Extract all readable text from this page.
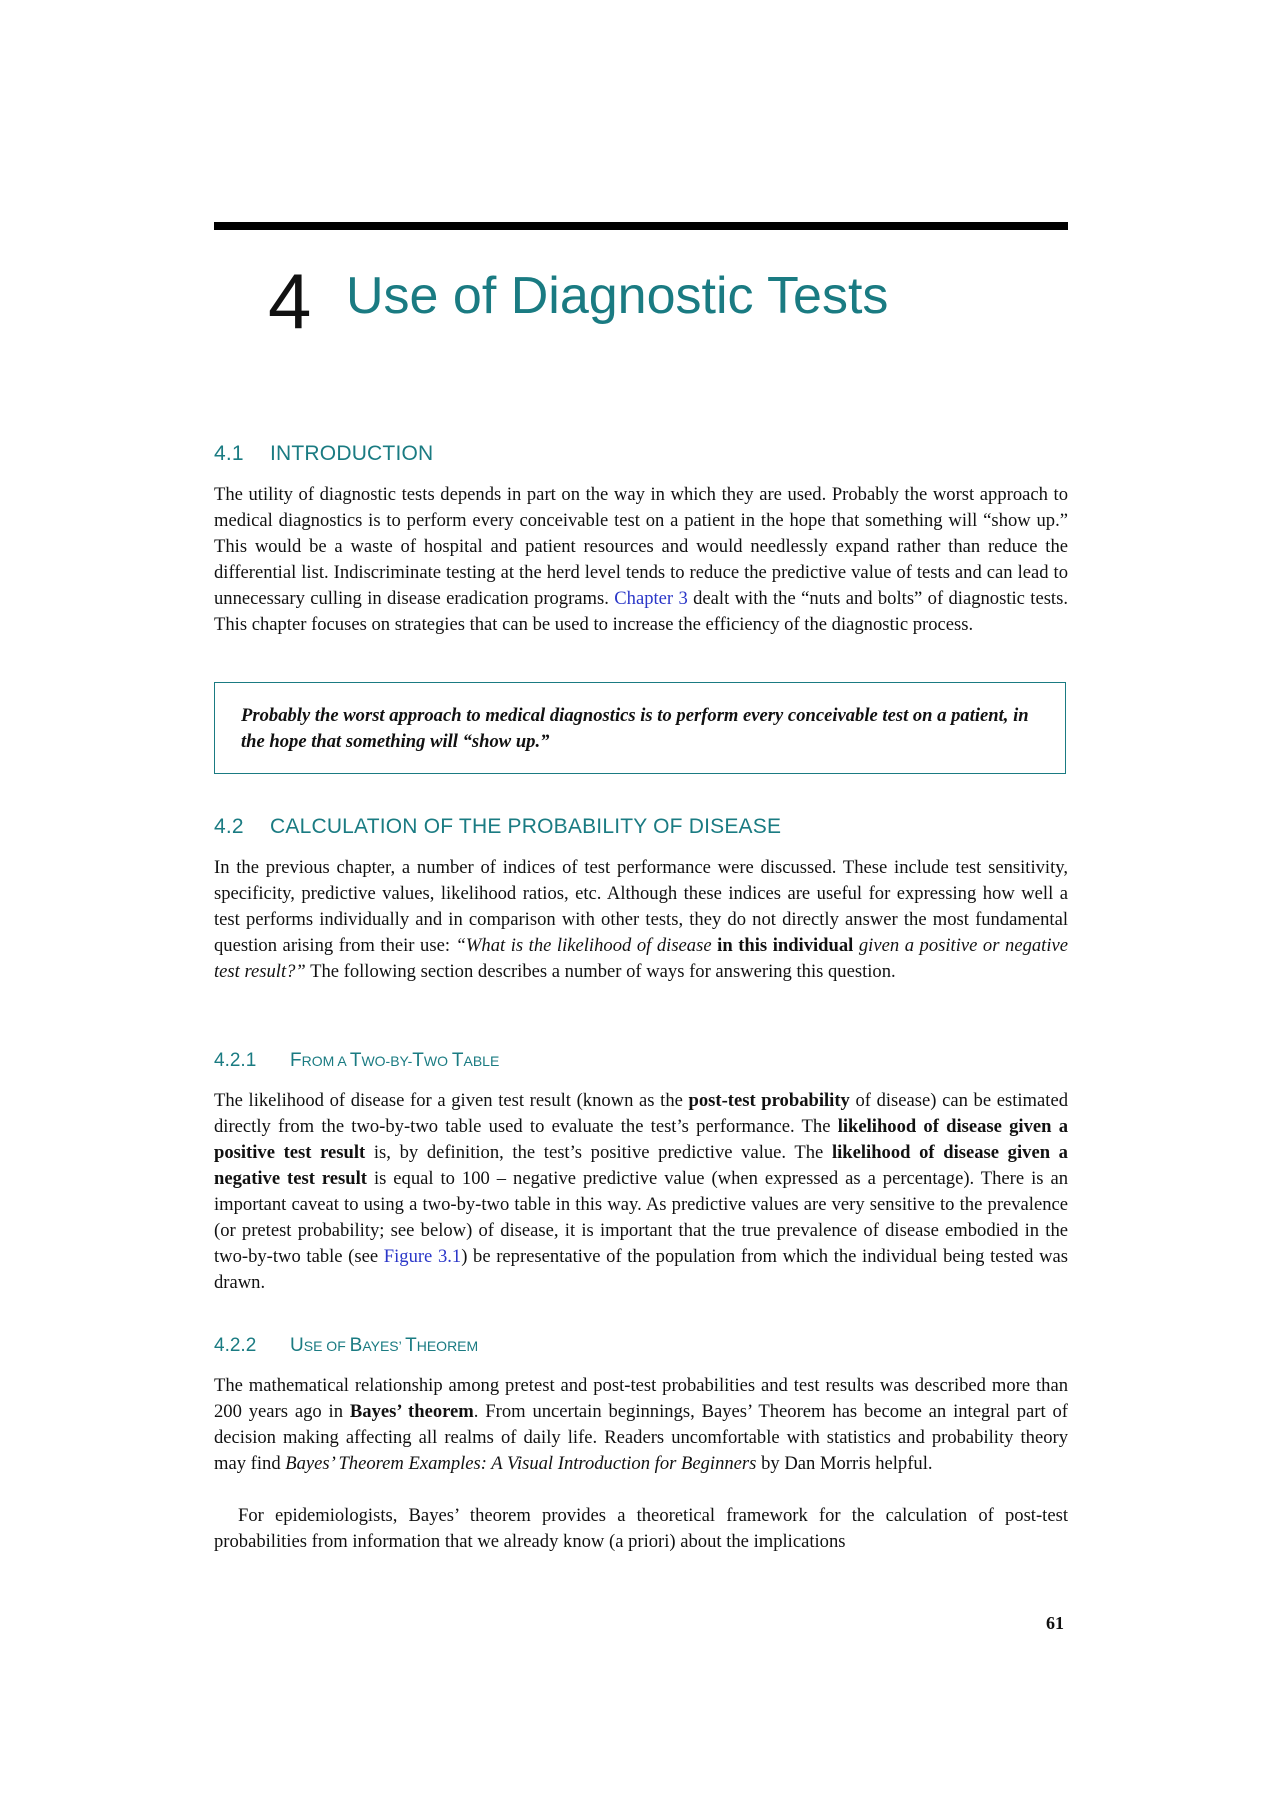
4 Use of Diagnostic Tests
4.1 INTRODUCTION

The utility of diagnostic tests depends in part on the way in which they are used. Probably the worst approach to medical diagnostics is to perform every conceivable test on a patient in the hope that something will “show up.” This would be a waste of hospital and patient resources and would needlessly expand rather than reduce the differential list. Indiscriminate testing at the herd level tends to reduce the predictive value of tests and can lead to unnecessary culling in disease eradication programs. Chapter 3 dealt with the “nuts and bolts” of diagnostic tests. This chapter focuses on strategies that can be used to increase the efficiency of the diagnostic process.

Probably the worst approach to medical diagnostics is to perform every conceivable test on a patient, in the hope that something will “show up.”

4.2 CALCULATION OF THE PROBABILITY OF DISEASE

In the previous chapter, a number of indices of test performance were discussed. These include test sensitivity, specificity, predictive values, likelihood ratios, etc. Although these indices are useful for expressing how well a test performs individually and in comparison with other tests, they do not directly answer the most fundamental question arising from their use: “What is the likelihood of disease in this individual given a positive or negative test result?” The following section describes a number of ways for answering this question.

4.2.1 FROM A TWO-BY-TWO TABLE

The likelihood of disease for a given test result (known as the post-test probability of disease) can be estimated directly from the two-by-two table used to evaluate the test’s performance. The likelihood of disease given a positive test result is, by definition, the test’s positive predictive value. The likelihood of disease given a negative test result is equal to 100 – negative predictive value (when expressed as a percentage). There is an important caveat to using a two-by-two table in this way. As predictive values are very sensitive to the prevalence (or pretest probability; see below) of disease, it is important that the true prevalence of disease embodied in the two-by-two table (see Figure 3.1) be representative of the population from which the individual being tested was drawn.

4.2.2 USE OF BAYES’ THEOREM

The mathematical relationship among pretest and post-test probabilities and test results was described more than 200 years ago in Bayes’ theorem. From uncertain beginnings, Bayes’ Theorem has become an integral part of decision making affecting all realms of daily life. Readers uncomfortable with statistics and probability theory may find Bayes’ Theorem Examples: A Visual Introduction for Beginners by Dan Morris helpful.

For epidemiologists, Bayes’ theorem provides a theoretical framework for the calculation of post-test probabilities from information that we already know (a priori) about the implications

61
